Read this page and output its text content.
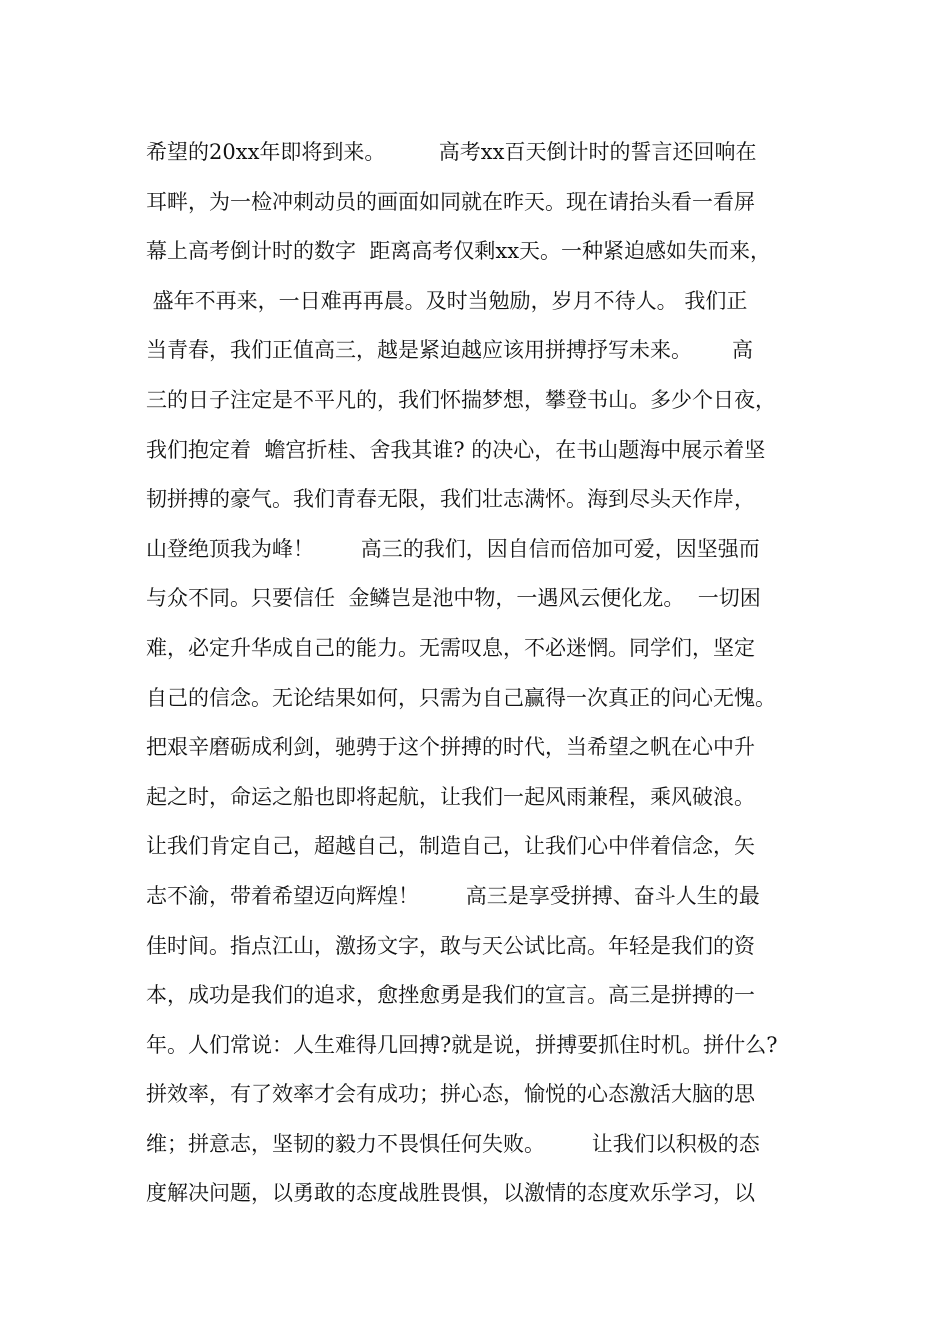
希望的20xx年即将到来。        高考xx百天倒计时的誓言还回响在
耳畔，为一检冲刺动员的画面如同就在昨天。现在请抬头看一看屏
幕上高考倒计时的数字  距离高考仅剩xx天。一种紧迫感如失而来，
盛年不再来，一日难再再晨。及时当勉励，岁月不待人。 我们正
当青春，我们正值高三，越是紧迫越应该用拼搏抒写未来。      高
三的日子注定是不平凡的，我们怀揣梦想，攀登书山。多少个日夜，
我们抱定着  蟾宫折桂、舍我其谁? 的决心，在书山题海中展示着坚
韧拼搏的豪气。我们青春无限，我们壮志满怀。海到尽头天作岸，
山登绝顶我为峰！       高三的我们，因自信而倍加可爱，因坚强而
与众不同。只要信任  金鳞岂是池中物，一遇风云便化龙。  一切困
难，必定升华成自己的能力。无需叹息，不必迷惘。同学们，坚定
自己的信念。无论结果如何，只需为自己赢得一次真正的问心无愧。
把艰辛磨砺成利剑，驰骋于这个拼搏的时代，当希望之帆在心中升
起之时，命运之船也即将起航，让我们一起风雨兼程，乘风破浪。
让我们肯定自己，超越自己，制造自己，让我们心中伴着信念，矢
志不渝，带着希望迈向辉煌！       高三是享受拼搏、奋斗人生的最
佳时间。指点江山，激扬文字，敢与天公试比高。年轻是我们的资
本，成功是我们的追求，愈挫愈勇是我们的宣言。高三是拼搏的一
年。人们常说：人生难得几回搏?就是说，拼搏要抓住时机。拼什么?
拼效率，有了效率才会有成功；拼心态，愉悦的心态激活大脑的思
维；拼意志，坚韧的毅力不畏惧任何失败。       让我们以积极的态
度解决问题，以勇敢的态度战胜畏惧，以激情的态度欢乐学习，以
